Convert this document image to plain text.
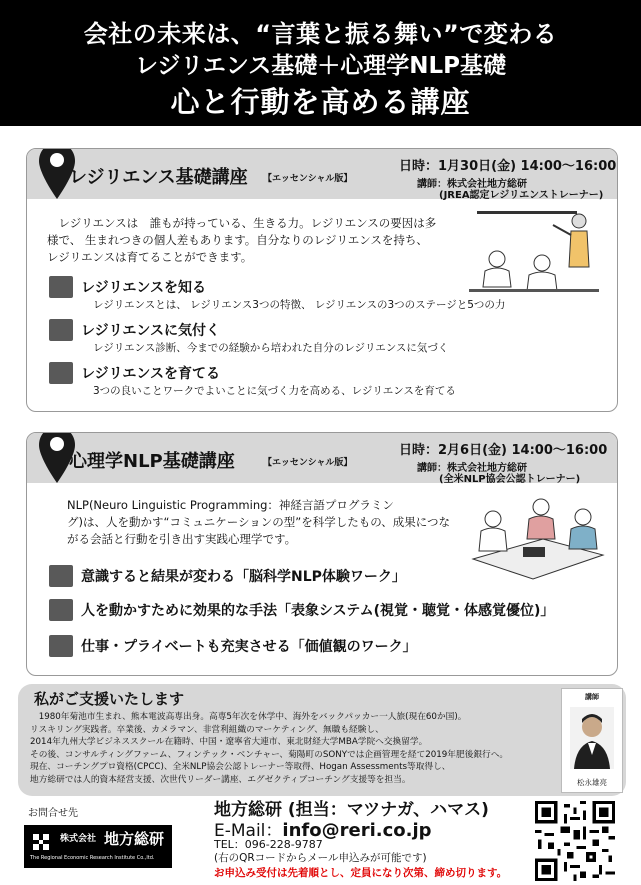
会社の未来は、“言葉と振る舞い”で変わる
レジリエンス基礎＋心理学NLP基礎
心と行動を高める講座
レジリエンス基礎講座 【エッセンシャル版】
日時：1月30日(金) 14:00～16:00
講師：株式会社地方総研
(JREA認定レジリエンストレーナー)
　レジリエンスは　誰もが持っている、生きる力。レジリエンスの要因は多
様で、 生まれつきの個人差もあります。自分なりのレジリエンスを持ち、
レジリエンスは育てることができます。
レジリエンスを知る
レジリエンスとは、 レジリエンス3つの特徴、 レジリエンスの3つのステージと5つの力
レジリエンスに気付く
レジリエンス診断、今までの経験から培われた自分のレジリエンスに気づく
レジリエンスを育てる
3つの良いことワークでよいことに気づく力を高める、レジリエンスを育てる
心理学NLP基礎講座	【エッセンシャル版】
日時：2月6日(金) 14:00～16:00
講師：株式会社地方総研
(全米NLP協会公認トレーナー)
NLP(Neuro Linguistic Programming：神経言語プログラミン
グ)は、人を動かす“コミュニケーションの型”を科学したもの、成果につな
がる会話と行動を引き出す実践心理学です。
意識すると結果が変わる「脳科学NLP体験ワーク」
人を動かすために効果的な手法「表象システム(視覚・聴覚・体感覚優位)」
仕事・プライベートも充実させる「価値観のワーク」
私がご支援いたします
　1980年菊池市生まれ、熊本電波高専出身。高専5年次を休学中、海外をバックパッカー一人旅(現在60か国)。
リスキリング実践者。卒業後、カメラマン、非営利組織のマーケティング、無職も経験し、
2014年九州大学ビジネススクール在籍時、中国・遼寧省大連市、東北財経大学MBA学院へ交換留学。
その後、コンサルティングファーム、フィンテック・ベンチャー、菊陽町のSONYでは企画管理を経て2019年肥後銀行へ。
現在、コーチングプロ資格(CPCC)、全米NLP協会公認トレーナー等取得、Hogan Assessments等取得し、
地方総研では人的資本経営支援、次世代リーダー講座、エグゼクティブコーチング支援等を担当。
講師
松永雄亮
お問合せ先
株式会社 地方総研
The Regional Economic Research Institute Co.,ltd.
地方総研 (担当：マツナガ、ハマス)
E-Mail：info@reri.co.jp
TEL：096-228-9787
(右のQRコードからメール申込みが可能です)
お申込み受付は先着順とし、定員になり次第、締め切ります。
